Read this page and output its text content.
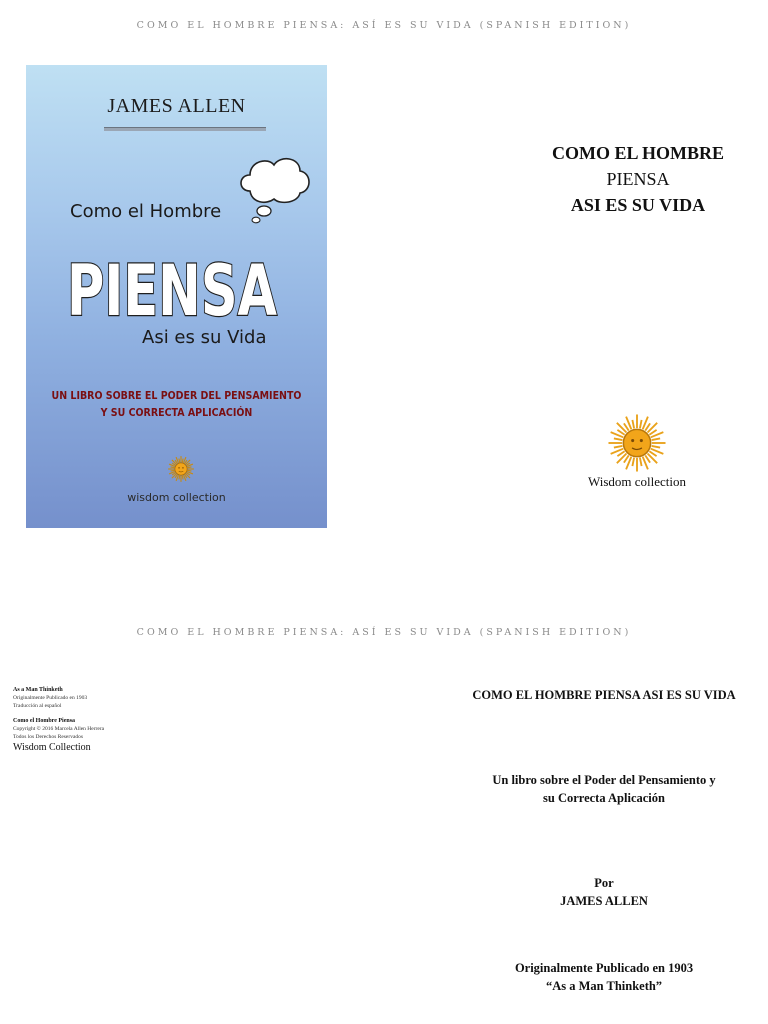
COMO EL HOMBRE PIENSA: ASÍ ES SU VIDA (SPANISH EDITION)
JAMES ALLEN
Como el Hombre
PIENSA
Asi es su Vida
UN LIBRO SOBRE EL PODER DEL PENSAMIENTO
Y SU CORRECTA APLICACIÓN
wisdom collection
COMO EL HOMBRE
PIENSA
ASI ES SU VIDA
Wisdom collection
COMO EL HOMBRE PIENSA: ASÍ ES SU VIDA (SPANISH EDITION)
As a Man Thinketh
Originalmente Publicado en 1903
Traducción al español
Como el Hombre Piensa
Copyright © 2016 Marcela Allen Herrera
Todos los Derechos Reservados
Wisdom Collection
COMO EL HOMBRE PIENSA ASI ES SU VIDA
Un libro sobre el Poder del Pensamiento y
su Correcta Aplicación
Por
JAMES ALLEN
Originalmente Publicado en 1903
“As a Man Thinketh”
